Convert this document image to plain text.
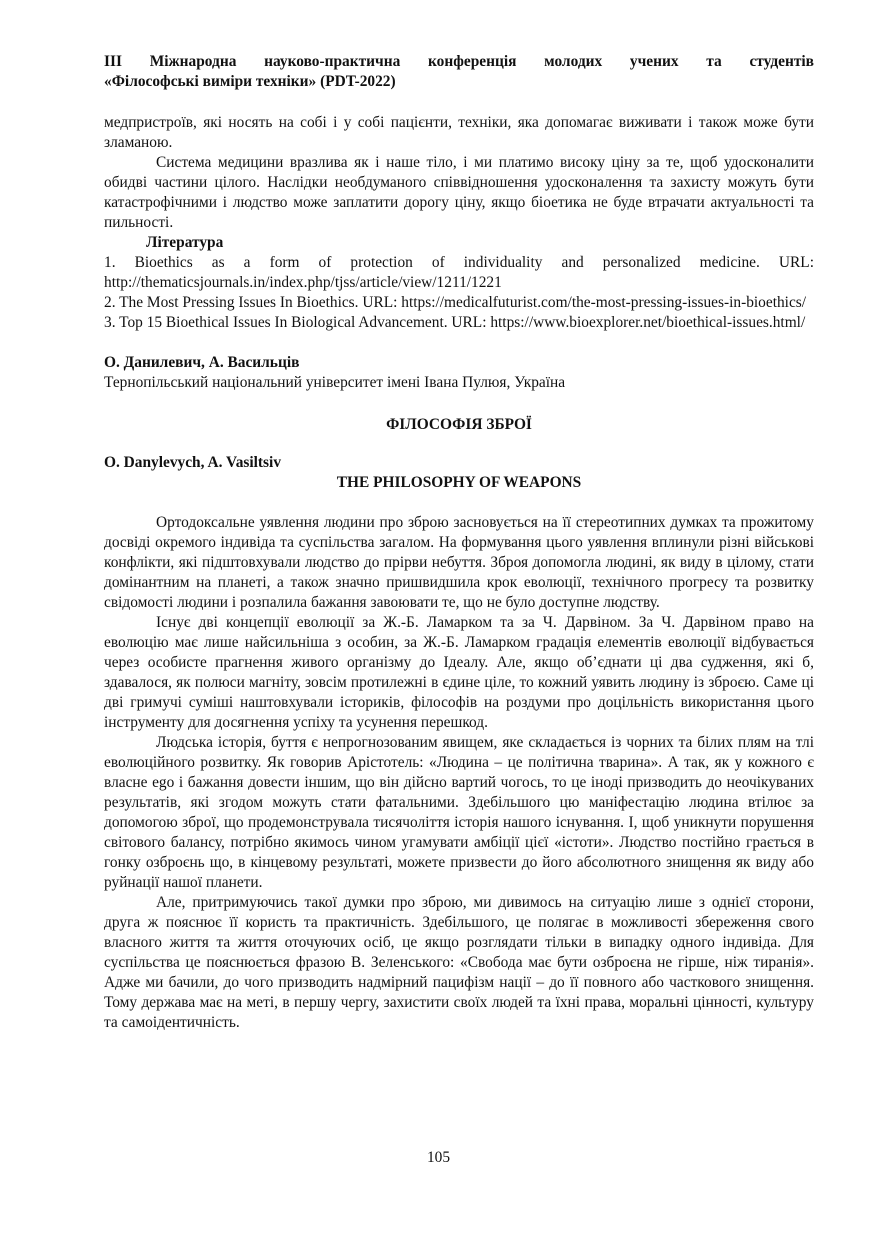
III Міжнародна науково-практична конференція молодих учених та студентів
«Філософські виміри техніки» (PDT-2022)

медпристроїв, які носять на собі і у собі пацієнти, техніки, яка допомагає виживати і також може бути зламаною.

Система медицини вразлива як і наше тіло, і ми платимо високу ціну за те, щоб удосконалити обидві частини цілого. Наслідки необдуманого співвідношення удосконалення та захисту можуть бути катастрофічними і людство може заплатити дорогу ціну, якщо біоетика не буде втрачати актуальності та пильності.

Література

1. Bioethics as a form of protection of individuality and personalized medicine. URL: http://thematicsjournals.in/index.php/tjss/article/view/1211/1221

2. The Most Pressing Issues In Bioethics. URL: https://medicalfuturist.com/the-most-pressing-issues-in-bioethics/

3. Top 15 Bioethical Issues In Biological Advancement. URL: https://www.bioexplorer.net/bioethical-issues.html/

О. Данилевич, А. Васильців

Тернопільський національний університет імені Івана Пулюя, Україна

ФІЛОСОФІЯ ЗБРОЇ

O. Danylevych, A. Vasiltsiv

THE PHILOSOPHY OF WEAPONS

Ортодоксальне уявлення людини про зброю засновується на її стереотипних думках та прожитому досвіді окремого індивіда та суспільства загалом. На формування цього уявлення вплинули різні військові конфлікти, які підштовхували людство до прірви небуття. Зброя допомогла людині, як виду в цілому, стати домінантним на планеті, а також значно пришвидшила крок еволюції, технічного прогресу та розвитку свідомості людини і розпалила бажання завоювати те, що не було доступне людству.

Існує дві концепції еволюції за Ж.-Б. Ламарком та за Ч. Дарвіном. За Ч. Дарвіном право на еволюцію має лише найсильніша з особин, за Ж.-Б. Ламарком градація елементів еволюції відбувається через особисте прагнення живого організму до Ідеалу. Але, якщо об’єднати ці два судження, які б, здавалося, як полюси магніту, зовсім протилежні в єдине ціле, то кожний уявить людину із зброєю. Саме ці дві гримучі суміші наштовхували істориків, філософів на роздуми про доцільність використання цього інструменту для досягнення успіху та усунення перешкод.

Людська історія, буття є непрогнозованим явищем, яке складається із чорних та білих плям на тлі еволюційного розвитку. Як говорив Арістотель: «Людина – це політична тварина». А так, як у кожного є власне ego і бажання довести іншим, що він дійсно вартий чогось, то це іноді призводить до неочікуваних результатів, які згодом можуть стати фатальними. Здебільшого цю маніфестацію людина втілює за допомогою зброї, що продемонструвала тисячоліття історія нашого існування. І, щоб уникнути порушення світового балансу, потрібно якимось чином угамувати амбіції цієї «істоти». Людство постійно грається в гонку озброєнь що, в кінцевому результаті, можете призвести до його абсолютного знищення як виду або руйнації нашої планети.

Але, притримуючись такої думки про зброю, ми дивимось на ситуацію лише з однієї сторони, друга ж пояснює її користь та практичність. Здебільшого, це полягає в можливості збереження свого власного життя та життя оточуючих осіб, це якщо розглядати тільки в випадку одного індивіда. Для суспільства це пояснюється фразою В. Зеленського: «Свобода має бути озброєна не гірше, ніж тиранія». Адже ми бачили, до чого призводить надмірний пацифізм нації – до її повного або часткового знищення. Тому держава має на меті, в першу чергу, захистити своїх людей та їхні права, моральні цінності, культуру та самоідентичність.

105
